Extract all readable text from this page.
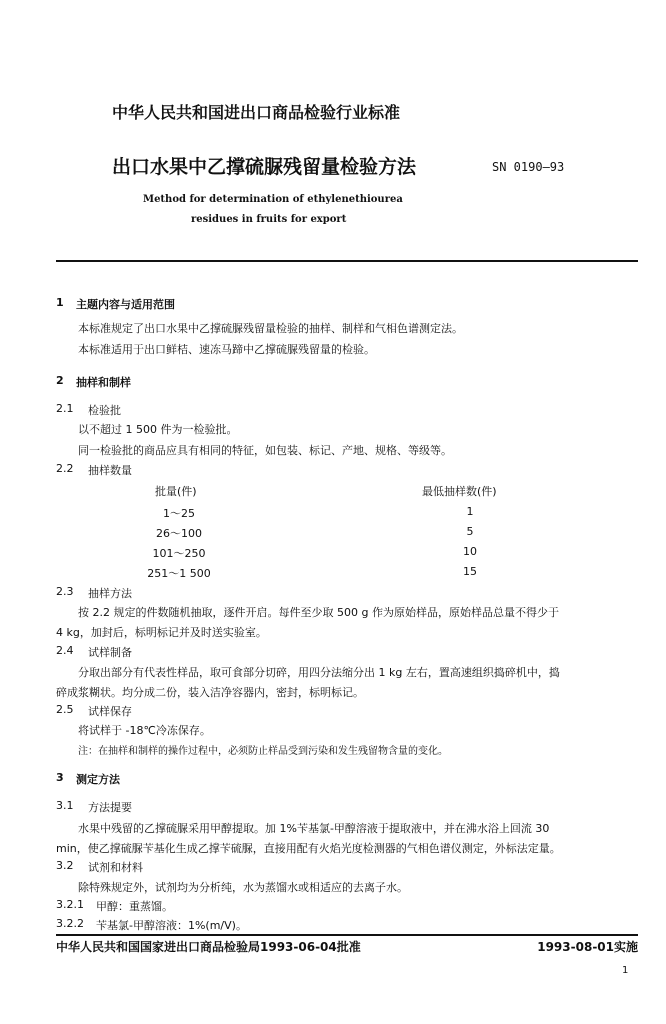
中华人民共和国进出口商品检验行业标准
出口水果中乙撑硫脲残留量检验方法	SN 0190—93
Method for determination of ethylenethiourea
residues in fruits for export
1 主题内容与适用范围
本标准规定了出口水果中乙撑硫脲残留量检验的抽样、制样和气相色谱测定法。
本标准适用于出口鲜桔、速冻马蹄中乙撑硫脲残留量的检验。
2 抽样和制样
2.1 检验批
以不超过 1 500 件为一检验批。
同一检验批的商品应具有相同的特征，如包装、标记、产地、规格、等级等。
2.2 抽样数量
批量(件)	最低抽样数(件)
1～25	1
26～100	5
101～250	10
251～1 500	15
2.3 抽样方法
按 2.2 规定的件数随机抽取，逐件开启。每件至少取 500 g 作为原始样品，原始样品总量不得少于
4 kg，加封后，标明标记并及时送实验室。
2.4 试样制备
分取出部分有代表性样品，取可食部分切碎，用四分法缩分出 1 kg 左右，置高速组织捣碎机中，捣
碎成浆糊状。均分成二份，装入洁净容器内，密封，标明标记。
2.5 试样保存
将试样于 -18℃冷冻保存。
注：在抽样和制样的操作过程中，必须防止样品受到污染和发生残留物含量的变化。
3 测定方法
3.1 方法提要
水果中残留的乙撑硫脲采用甲醇提取。加 1%苄基氯-甲醇溶液于提取液中，并在沸水浴上回流 30
min，使乙撑硫脲苄基化生成乙撑苄硫脲，直接用配有火焰光度检测器的气相色谱仪测定，外标法定量。
3.2 试剂和材料
除特殊规定外，试剂均为分析纯，水为蒸馏水或相适应的去离子水。
3.2.1 甲醇：重蒸馏。
3.2.2 苄基氯-甲醇溶液：1%(m/V)。
中华人民共和国国家进出口商品检验局1993-06-04批准	1993-08-01实施
1
